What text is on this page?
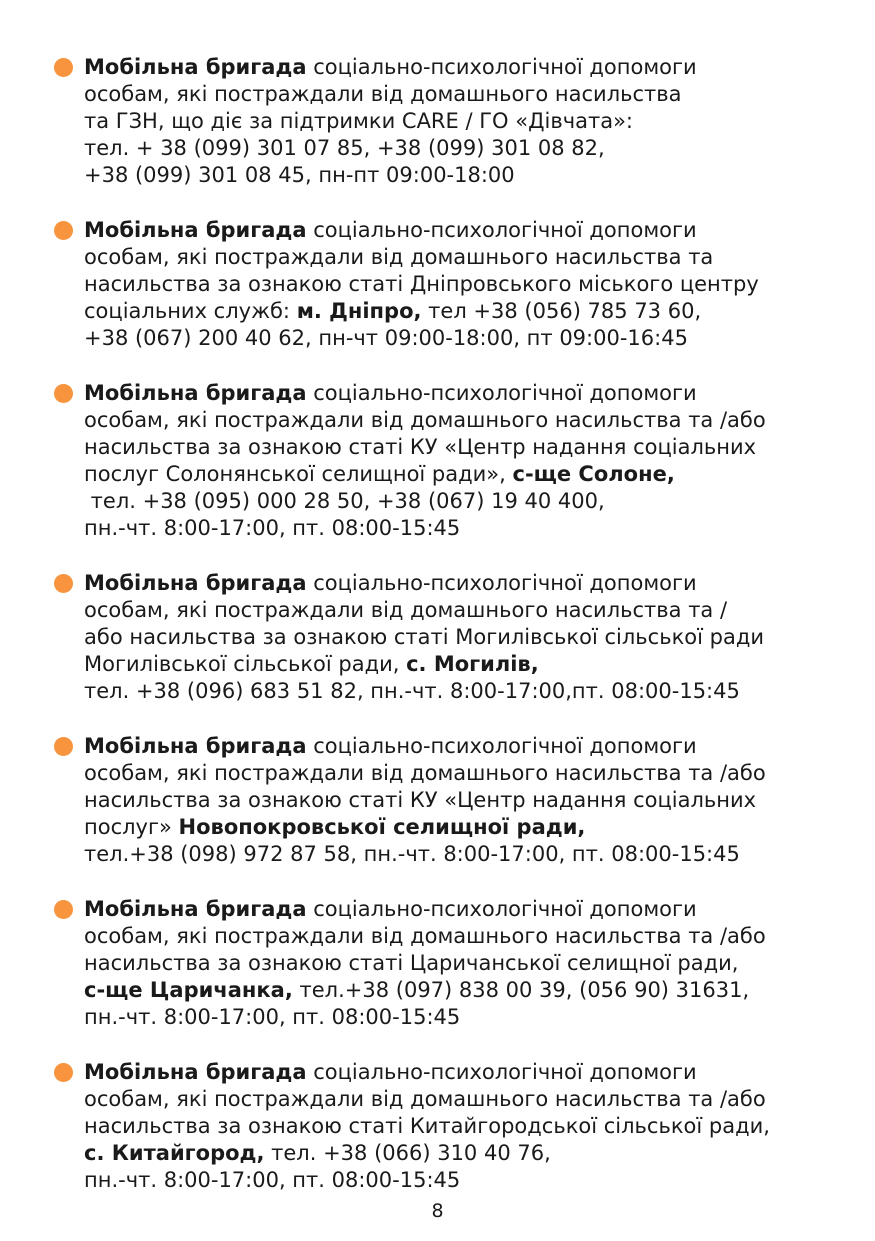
Мобільна бригада соціально-психологічної допомоги
особам, які постраждали від домашнього насильства
та ГЗН, що діє за підтримки CARE / ГО «Дівчата»:
тел. + 38 (099) 301 07 85, +38 (099) 301 08 82,
+38 (099) 301 08 45, пн-пт 09:00-18:00
Мобільна бригада соціально-психологічної допомоги
особам, які постраждали від домашнього насильства та
насильства за ознакою статі Дніпровського міського центру
соціальних служб: м. Дніпро, тел +38 (056) 785 73 60,
+38 (067) 200 40 62, пн-чт 09:00-18:00, пт 09:00-16:45
Мобільна бригада соціально-психологічної допомоги
особам, які постраждали від домашнього насильства та /або
насильства за ознакою статі КУ «Центр надання соціальних
послуг Солонянської селищної ради», с-ще Солоне,
тел. +38 (095) 000 28 50, +38 (067) 19 40 400,
пн.-чт. 8:00-17:00, пт. 08:00-15:45
Мобільна бригада соціально-психологічної допомоги
особам, які постраждали від домашнього насильства та /
або насильства за ознакою статі Могилівської сільської ради
Могилівської сільської ради, с. Могилів,
тел. +38 (096) 683 51 82, пн.-чт. 8:00-17:00,пт. 08:00-15:45
Мобільна бригада соціально-психологічної допомоги
особам, які постраждали від домашнього насильства та /або
насильства за ознакою статі КУ «Центр надання соціальних
послуг» Новопокровської селищної ради,
тел.+38 (098) 972 87 58, пн.-чт. 8:00-17:00, пт. 08:00-15:45
Мобільна бригада соціально-психологічної допомоги
особам, які постраждали від домашнього насильства та /або
насильства за ознакою статі Царичанської селищної ради,
с-ще Царичанка, тел.+38 (097) 838 00 39, (056 90) 31631,
пн.-чт. 8:00-17:00, пт. 08:00-15:45
Мобільна бригада соціально-психологічної допомоги
особам, які постраждали від домашнього насильства та /або
насильства за ознакою статі Китайгородської сільської ради,
с. Китайгород, тел. +38 (066) 310 40 76,
пн.-чт. 8:00-17:00, пт. 08:00-15:45
8
